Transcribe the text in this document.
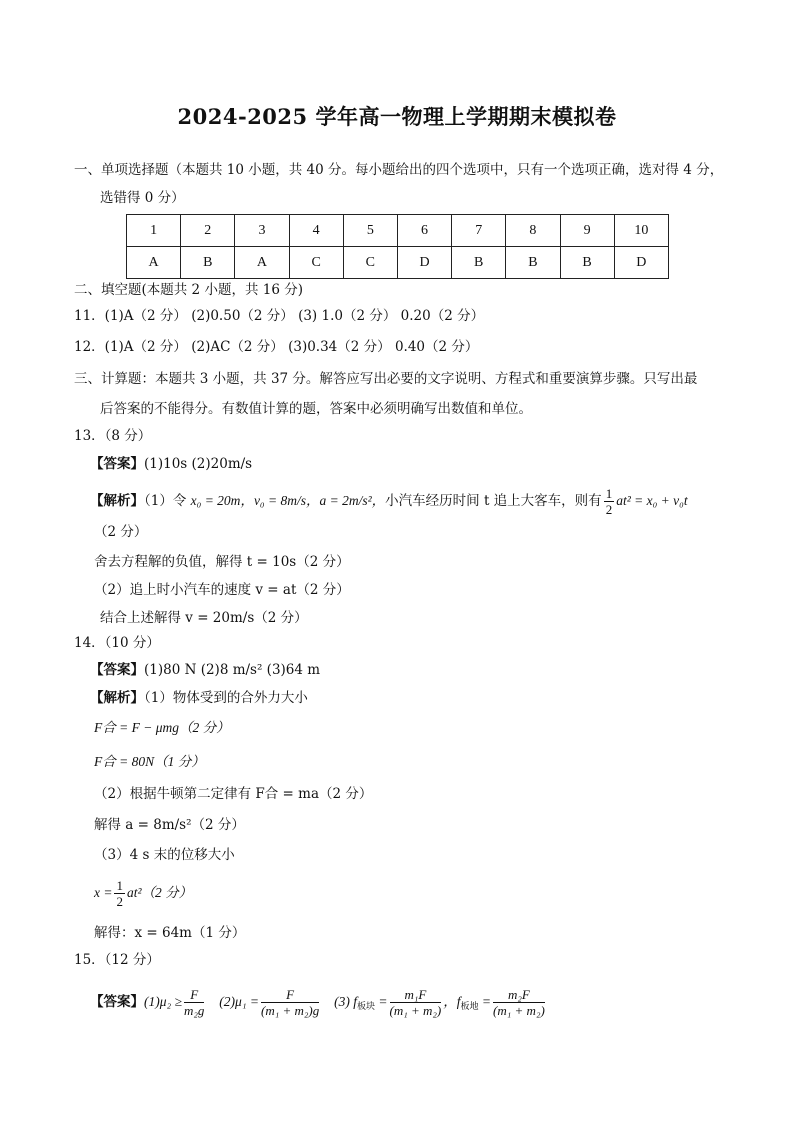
2024-2025 学年高一物理上学期期末模拟卷
一、单项选择题（本题共 10 小题，共 40 分。每小题给出的四个选项中，只有一个选项正确，选对得 4 分，
选错得 0 分）
1	2	3	4	5	6	7	8	9	10
A	B	A	C	C	D	B	B	B	D
二、填空题(本题共 2 小题，共 16 分)
11．(1)A（2 分） (2)0.50（2 分） (3) 1.0（2 分） 0.20（2 分）
12．(1)A（2 分） (2)AC（2 分） (3)0.34（2 分） 0.40（2 分）
三、计算题：本题共 3 小题，共 37 分。解答应写出必要的文字说明、方程式和重要演算步骤。只写出最
后答案的不能得分。有数值计算的题，答案中必须明确写出数值和单位。
13．（8 分）
【答案】(1)10s (2)20m/s
【解析】（1）令 x₀ = 20m，v₀ = 8m/s，a = 2m/s²，小汽车经历时间 t 追上大客车，则有 $\frac{1}{2} at^2 = x_0 + v_0t$
（2 分）
舍去方程解的负值，解得 t = 10s（2 分）
（2）追上时小汽车的速度 v = at（2 分）
结合上述解得 v = 20m/s（2 分）
14．（10 分）
【答案】(1)80 N (2)8 m/s² (3)64 m
【解析】（1）物体受到的合外力大小
F合 = F − μmg（2 分）
F合 = 80N（1 分）
（2）根据牛顿第二定律有 F合 = ma（2 分）
解得 a = 8m/s²（2 分）
（3）4 s 末的位移大小
$x = \frac{1}{2} at^2(2$ 分）
解得：x = 64m（1 分）
15．（12 分）
【答案】$(1)\mu_2 \ge \frac{F}{\text{m₂g}} (2)\mu_1 = \frac{F}{\text{(m₁ + m₂)g}} (3) f_{板块} = \frac{\text{m₁F}}{\text{(m₁ + m₂)}}$ ，$f_{板地} = \frac{\text{m₂F}}{\text{(m₁ + m₂)}}$
